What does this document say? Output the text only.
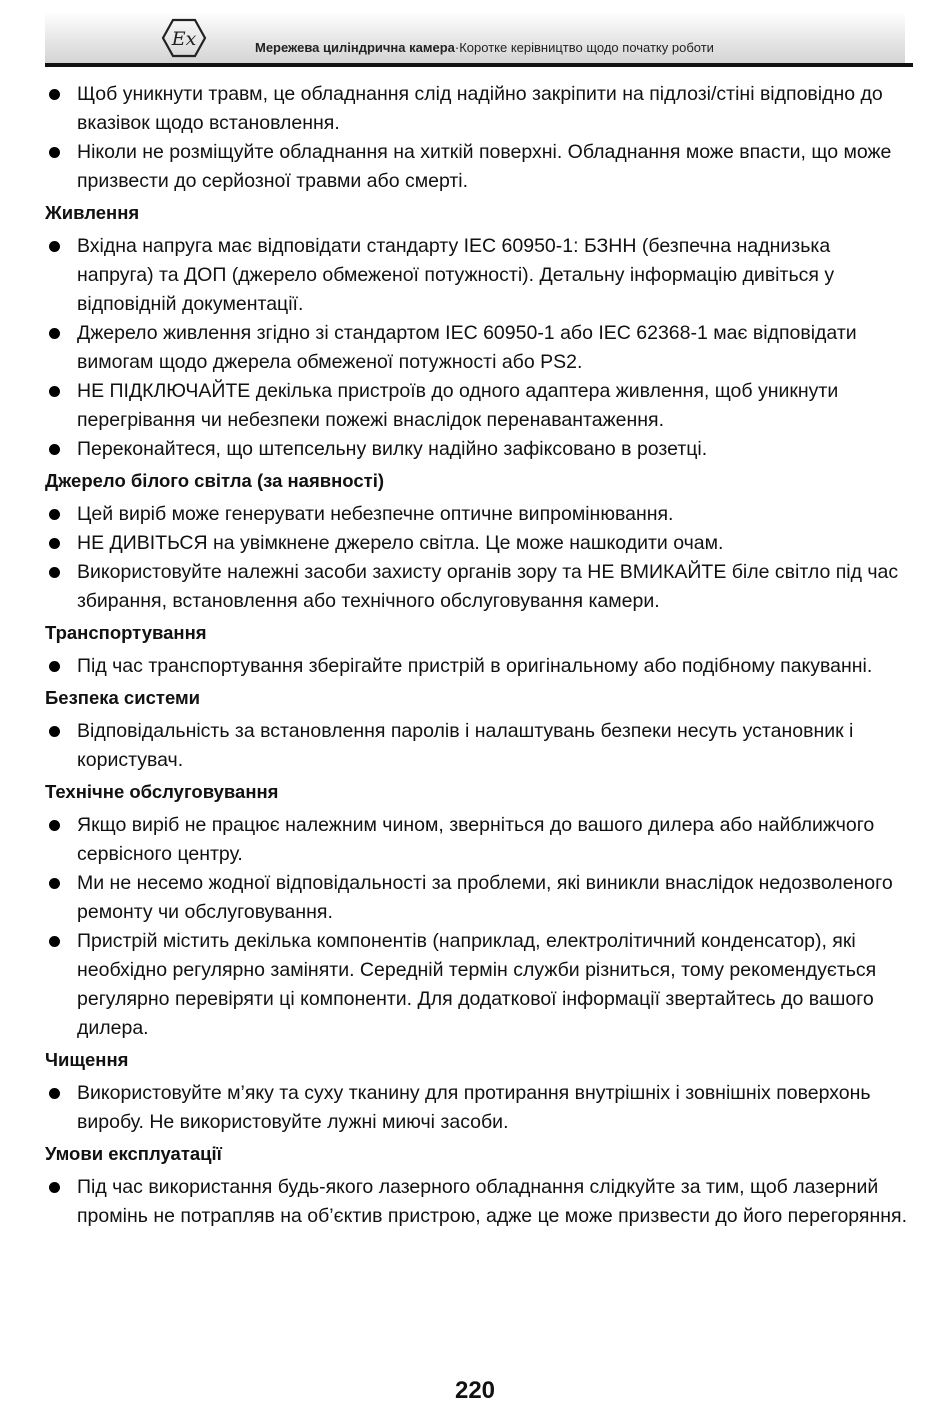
Ex	Мережева циліндрична камера·Коротке керівництво щодо початку роботи
Щоб уникнути травм, це обладнання слід надійно закріпити на підлозі/стіні відповідно до вказівок щодо встановлення.
Ніколи не розміщуйте обладнання на хиткій поверхні. Обладнання може впасти, що може призвести до серйозної травми або смерті.
Живлення
Вхідна напруга має відповідати стандарту IEC 60950-1: БЗНН (безпечна наднизька напруга) та ДОП (джерело обмеженої потужності). Детальну інформацію дивіться у відповідній документації.
Джерело живлення згідно зі стандартом IEC 60950-1 або IEC 62368-1 має відповідати вимогам щодо джерела обмеженої потужності або PS2.
НЕ ПІДКЛЮЧАЙТЕ декілька пристроїв до одного адаптера живлення, щоб уникнути перегрівання чи небезпеки пожежі внаслідок перенавантаження.
Переконайтеся, що штепсельну вилку надійно зафіксовано в розетці.
Джерело білого світла (за наявності)
Цей виріб може генерувати небезпечне оптичне випромінювання.
НЕ ДИВІТЬСЯ на увімкнене джерело світла. Це може нашкодити очам.
Використовуйте належні засоби захисту органів зору та НЕ ВМИКАЙТЕ біле світло під час збирання, встановлення або технічного обслуговування камери.
Транспортування
Під час транспортування зберігайте пристрій в оригінальному або подібному пакуванні.
Безпека системи
Відповідальність за встановлення паролів і налаштувань безпеки несуть установник і користувач.
Технічне обслуговування
Якщо виріб не працює належним чином, зверніться до вашого дилера або найближчого сервісного центру.
Ми не несемо жодної відповідальності за проблеми, які виникли внаслідок недозволеного ремонту чи обслуговування.
Пристрій містить декілька компонентів (наприклад, електролітичний конденсатор), які необхідно регулярно заміняти. Середній термін служби різниться, тому рекомендується регулярно перевіряти ці компоненти. Для додаткової інформації звертайтесь до вашого дилера.
Чищення
Використовуйте м’яку та суху тканину для протирання внутрішніх і зовнішніх поверхонь виробу. Не використовуйте лужні миючі засоби.
Умови експлуатації
Під час використання будь-якого лазерного обладнання слідкуйте за тим, щоб лазерний промінь не потрапляв на об’єктив пристрою, адже це може призвести до його перегоряння.
220
